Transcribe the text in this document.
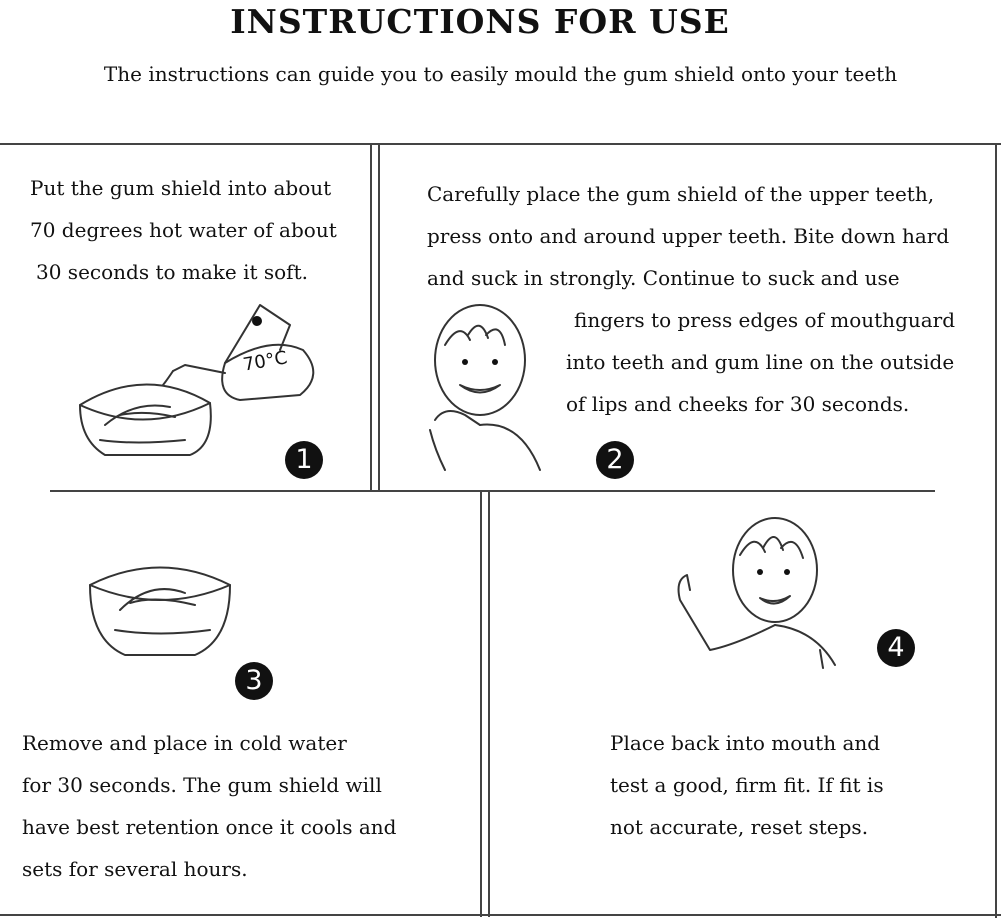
INSTRUCTIONS FOR USE
The instructions can guide you to easily mould the gum shield onto your teeth
Put the gum shield into about
70 degrees hot water of about
30 seconds to make it soft.
70°C
1
Carefully place the gum shield of the upper teeth,
press onto and around upper teeth. Bite down hard
and suck in strongly. Continue to suck and use
fingers to press edges of mouthguard
into teeth and gum line on the outside
of lips and cheeks for 30 seconds.
2
3
Remove and place in cold water
for 30 seconds. The gum shield will
have best retention once it cools and
sets for several hours.
4
Place back into mouth and
test a good, firm fit. If fit is
not accurate, reset steps.
